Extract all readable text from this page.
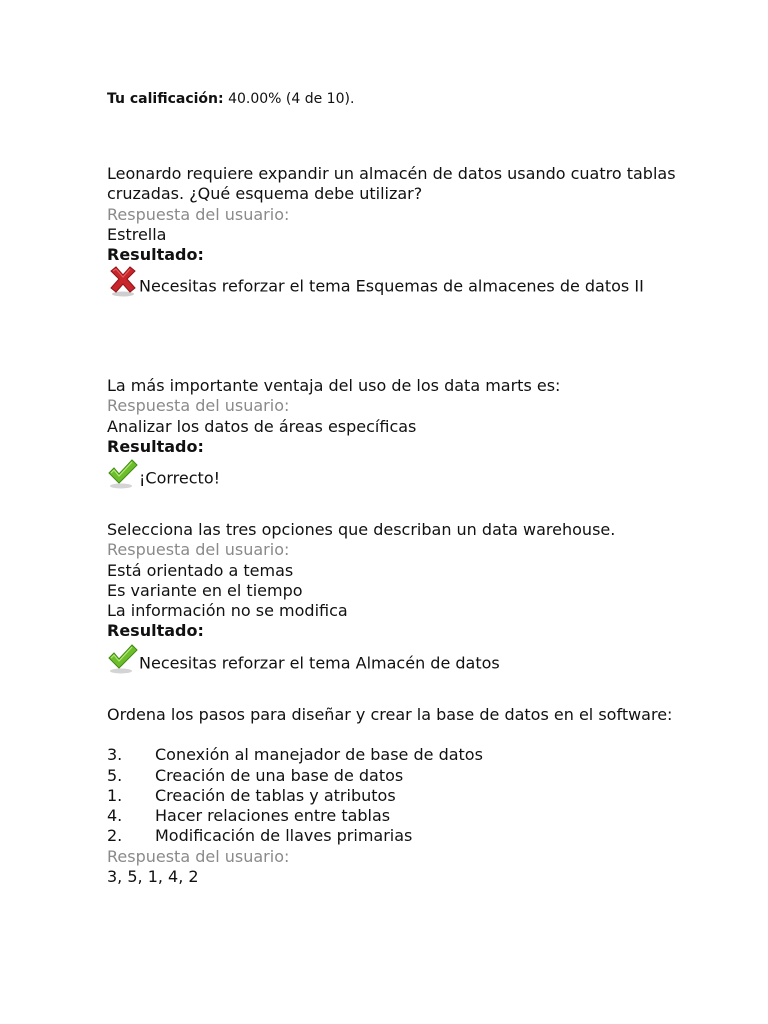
Tu calificación: 40.00% (4 de 10).

Leonardo requiere expandir un almacén de datos usando cuatro tablas cruzadas. ¿Qué esquema debe utilizar?

Respuesta del usuario:

Estrella

Resultado:

Necesitas reforzar el tema Esquemas de almacenes de datos II

La más importante ventaja del uso de los data marts es:

Respuesta del usuario:

Analizar los datos de áreas específicas

Resultado:

¡Correcto!

Selecciona las tres opciones que describan un data warehouse.

Respuesta del usuario:

Está orientado a temas

Es variante en el tiempo

La información no se modifica

Resultado:

Necesitas reforzar el tema Almacén de datos

Ordena los pasos para diseñar y crear la base de datos en el software:

3.	Conexión al manejador de base de datos
5.	Creación de una base de datos
1.	Creación de tablas y atributos
4.	Hacer relaciones entre tablas
2.	Modificación de llaves primarias

Respuesta del usuario:

3, 5, 1, 4, 2
